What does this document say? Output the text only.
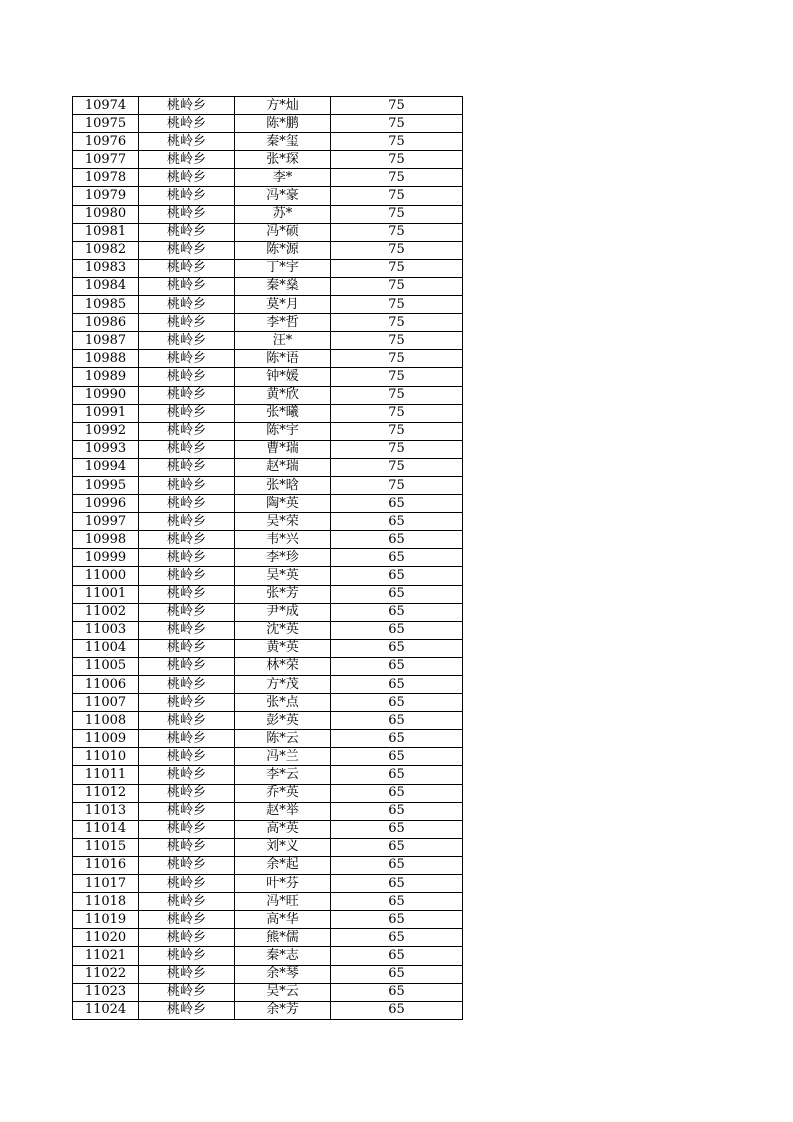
10974	桃岭乡	方*灿	75
10975	桃岭乡	陈*鹏	75
10976	桃岭乡	秦*玺	75
10977	桃岭乡	张*琛	75
10978	桃岭乡	李*	75
10979	桃岭乡	冯*豪	75
10980	桃岭乡	苏*	75
10981	桃岭乡	冯*硕	75
10982	桃岭乡	陈*源	75
10983	桃岭乡	丁*宇	75
10984	桃岭乡	秦*燊	75
10985	桃岭乡	莫*月	75
10986	桃岭乡	李*哲	75
10987	桃岭乡	汪*	75
10988	桃岭乡	陈*语	75
10989	桃岭乡	钟*媛	75
10990	桃岭乡	黄*欣	75
10991	桃岭乡	张*曦	75
10992	桃岭乡	陈*宇	75
10993	桃岭乡	曹*瑞	75
10994	桃岭乡	赵*瑞	75
10995	桃岭乡	张*晗	75
10996	桃岭乡	陶*英	65
10997	桃岭乡	吴*荣	65
10998	桃岭乡	韦*兴	65
10999	桃岭乡	李*珍	65
11000	桃岭乡	吴*英	65
11001	桃岭乡	张*芳	65
11002	桃岭乡	尹*成	65
11003	桃岭乡	沈*英	65
11004	桃岭乡	黄*英	65
11005	桃岭乡	林*荣	65
11006	桃岭乡	方*茂	65
11007	桃岭乡	张*点	65
11008	桃岭乡	彭*英	65
11009	桃岭乡	陈*云	65
11010	桃岭乡	冯*兰	65
11011	桃岭乡	李*云	65
11012	桃岭乡	乔*英	65
11013	桃岭乡	赵*举	65
11014	桃岭乡	高*英	65
11015	桃岭乡	刘*义	65
11016	桃岭乡	余*起	65
11017	桃岭乡	叶*芬	65
11018	桃岭乡	冯*旺	65
11019	桃岭乡	高*华	65
11020	桃岭乡	熊*儒	65
11021	桃岭乡	秦*志	65
11022	桃岭乡	余*琴	65
11023	桃岭乡	吴*云	65
11024	桃岭乡	余*芳	65
